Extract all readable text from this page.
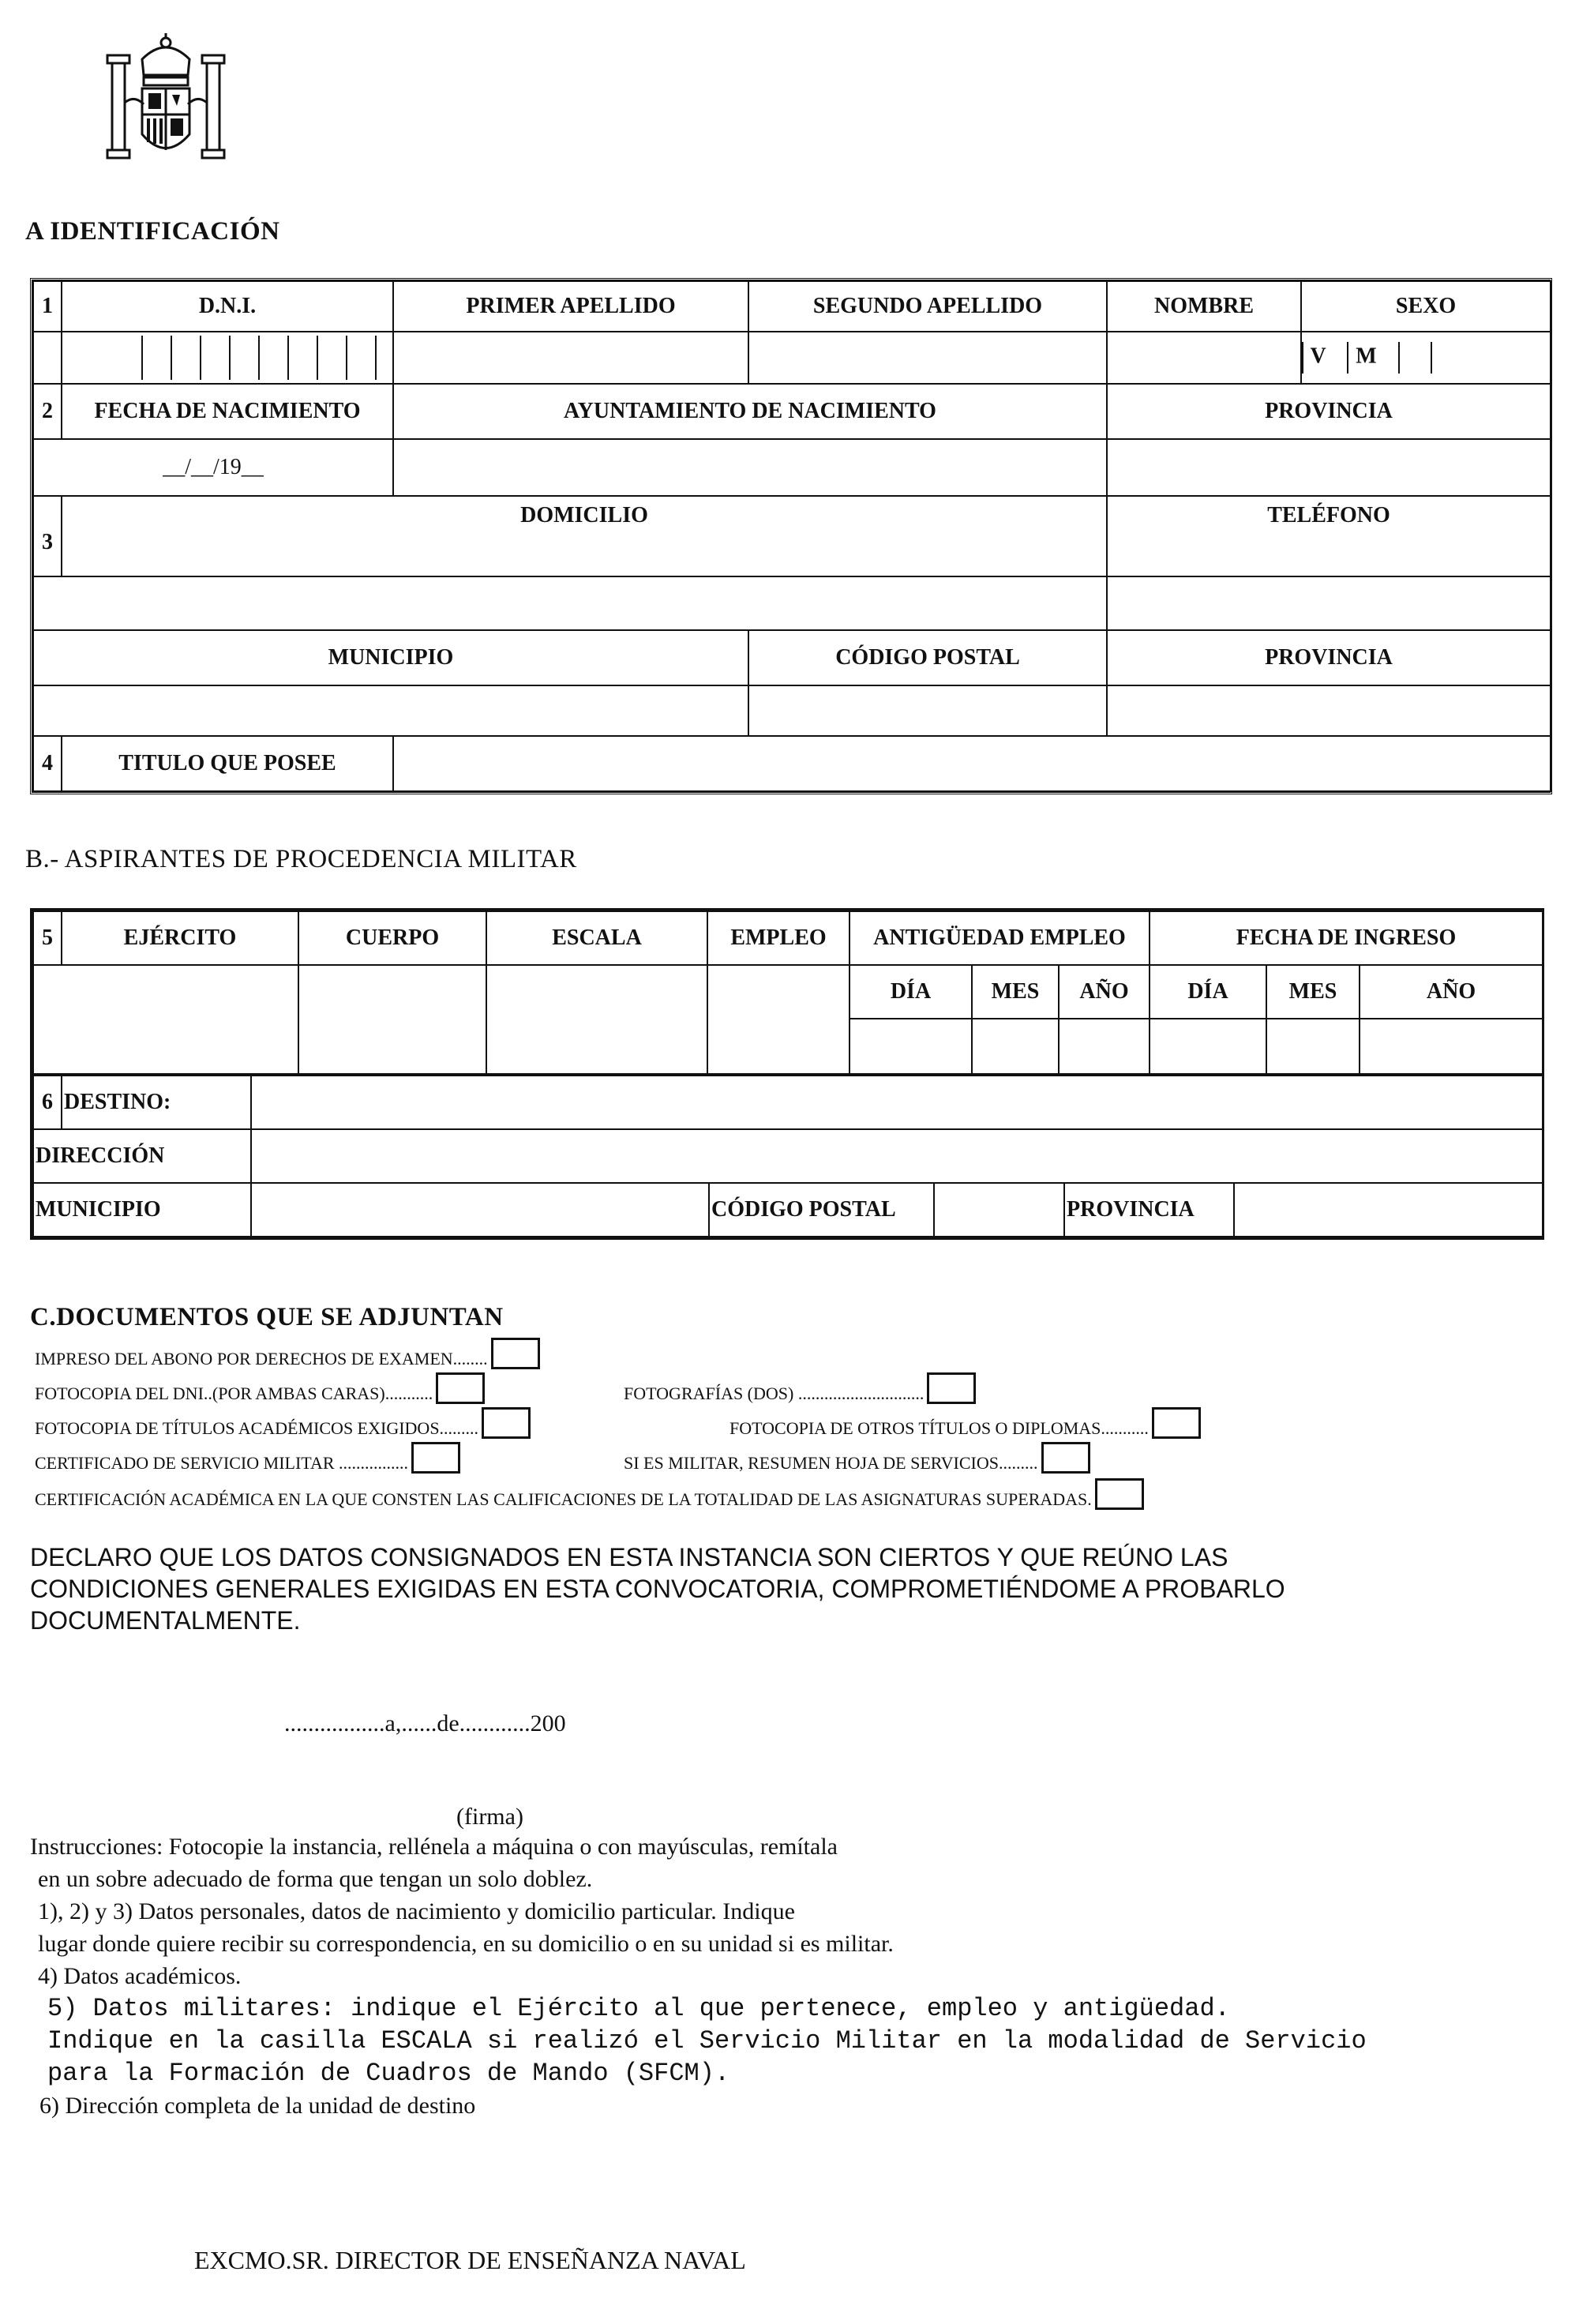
A IDENTIFICACIÓN
1	D.N.I.	PRIMER APELLIDO	SEGUNDO APELLIDO	NOMBRE	SEXO

				V M
2	FECHA DE NACIMIENTO	AYUNTAMIENTO DE NACIMIENTO		PROVINCIA	
__/__/19__					
3	DOMICILIO			TELÉFONO	

MUNICIPIO			CÓDIGO POSTAL	PROVINCIA	

4	TITULO QUE POSEE				
B.- ASPIRANTES DE PROCEDENCIA MILITAR
5	EJÉRCITO	CUERPO	ESCALA	EMPLEO	ANTIGÜEDAD EMPLEO			FECHA DE INGRESO		
					DÍA	MES	AÑO	DÍA	MES	AÑO

6	DESTINO:					
DIRECCIÓN						
MUNICIPIO			CÓDIGO POSTAL		PROVINCIA	
C.DOCUMENTOS QUE SE ADJUNTAN
IMPRESO DEL ABONO POR DERECHOS DE EXAMEN........
FOTOCOPIA DEL DNI..(POR AMBAS CARAS)...........	FOTOGRAFÍAS (DOS) .............................
FOTOCOPIA DE TÍTULOS ACADÉMICOS EXIGIDOS.........	FOTOCOPIA DE OTROS TÍTULOS O DIPLOMAS...........
CERTIFICADO DE SERVICIO MILITAR ................	SI ES MILITAR, RESUMEN HOJA DE SERVICIOS.........
CERTIFICACIÓN ACADÉMICA EN LA QUE CONSTEN LAS CALIFICACIONES DE LA TOTALIDAD DE LAS ASIGNATURAS SUPERADAS.
DECLARO QUE LOS DATOS CONSIGNADOS EN ESTA INSTANCIA SON CIERTOS Y QUE REÚNO LAS
CONDICIONES GENERALES EXIGIDAS EN ESTA CONVOCATORIA, COMPROMETIÉNDOME A PROBARLO
DOCUMENTALMENTE.
.................a,......de............200
(firma)
Instrucciones: Fotocopie la instancia, rellénela a máquina o con mayúsculas, remítala
en un sobre adecuado de forma que tengan un solo doblez.
1), 2) y 3) Datos personales, datos de nacimiento y domicilio particular. Indique
lugar donde quiere recibir su correspondencia, en su domicilio o en su unidad si es militar.
4) Datos académicos.
5) Datos militares: indique el Ejército al que pertenece, empleo y antigüedad.
Indique en la casilla ESCALA si realizó el Servicio Militar en la modalidad de Servicio
para la Formación de Cuadros de Mando (SFCM).
6) Dirección completa de la unidad de destino
EXCMO.SR. DIRECTOR DE ENSEÑANZA NAVAL
